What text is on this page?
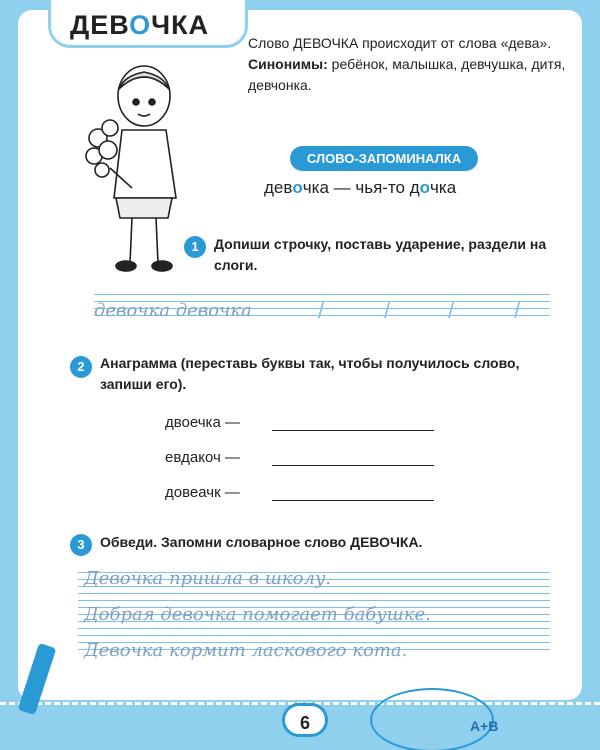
ДЕВОЧКА
Слово ДЕВОЧКА происходит от слова «дева».
Синонимы: ребёнок, малышка, девчушка, дитя, девчонка.
СЛОВО-ЗАПОМИНАЛКА
девочка — чья-то дочка
1	Допиши строчку, поставь ударение, раздели на слоги.
девочка девочка	/	/	/	/
2	Анаграмма (переставь буквы так, чтобы получилось слово, запиши его).
двоечка —
евдакоч —
довеачк —
3	Обведи. Запомни словарное слово ДЕВОЧКА.
Девочка пришла в школу.
Добрая девочка помогает бабушке.
Девочка кормит ласкового кота.
6	А+В
